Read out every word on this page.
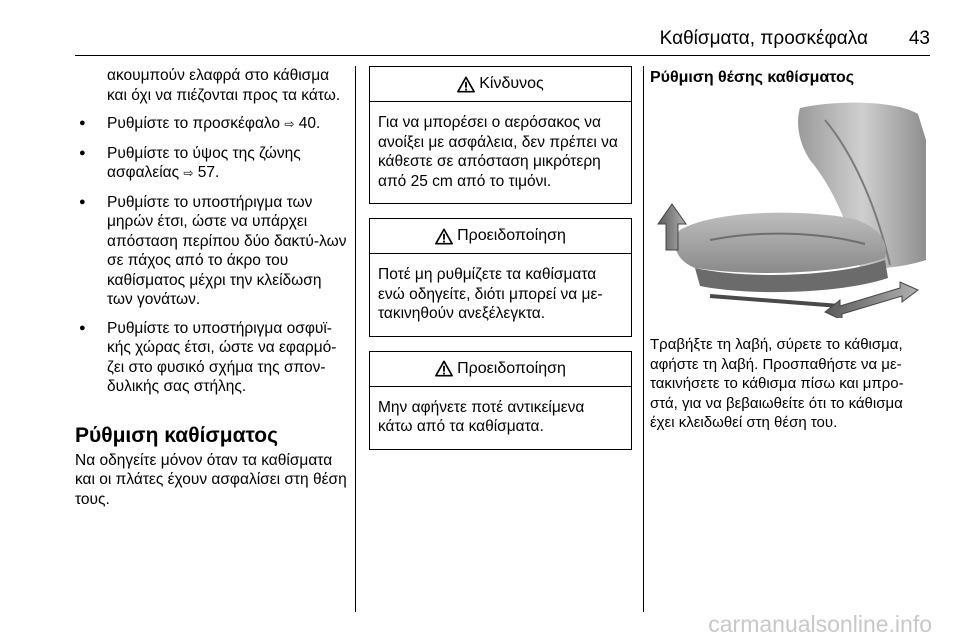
Καθίσματα, προσκέφαλα 43

ακουμπούν ελαφρά στο κάθισμα και όχι να πιέζονται προς τα κάτω.

● Ρυθμίστε το προσκέφαλο ⇨ 40.
● Ρυθμίστε το ύψος της ζώνης ασφαλείας ⇨ 57.
● Ρυθμίστε το υποστήριγμα των μηρών έτσι, ώστε να υπάρχει απόσταση περίπου δύο δακτύ-λων σε πάχος από το άκρο του καθίσματος μέχρι την κλείδωση των γονάτων.
● Ρυθμίστε το υποστήριγμα οσφυϊ-κής χώρας έτσι, ώστε να εφαρμό-ζει στο φυσικό σχήμα της σπον-δυλικής σας στήλης.
Ρύθμιση καθίσματος

Να οδηγείτε μόνον όταν τα καθίσματα και οι πλάτες έχουν ασφαλίσει στη θέση τους.

Κίνδυνος
Για να μπορέσει ο αερόσακος να ανοίξει με ασφάλεια, δεν πρέπει να κάθεστε σε απόσταση μικρότερη από 25 cm από το τιμόνι.
Προειδοποίηση
Ποτέ μη ρυθμίζετε τα καθίσματα ενώ οδηγείτε, διότι μπορεί να με-τακινηθούν ανεξέλεγκτα.
Προειδοποίηση
Μην αφήνετε ποτέ αντικείμενα κάτω από τα καθίσματα.
Ρύθμιση θέσης καθίσματος

Τραβήξτε τη λαβή, σύρετε το κάθισμα, αφήστε τη λαβή. Προσπαθήστε να με-τακινήσετε το κάθισμα πίσω και μπρο-στά, για να βεβαιωθείτε ότι το κάθισμα έχει κλειδωθεί στη θέση του.

carmanualsonline.info
